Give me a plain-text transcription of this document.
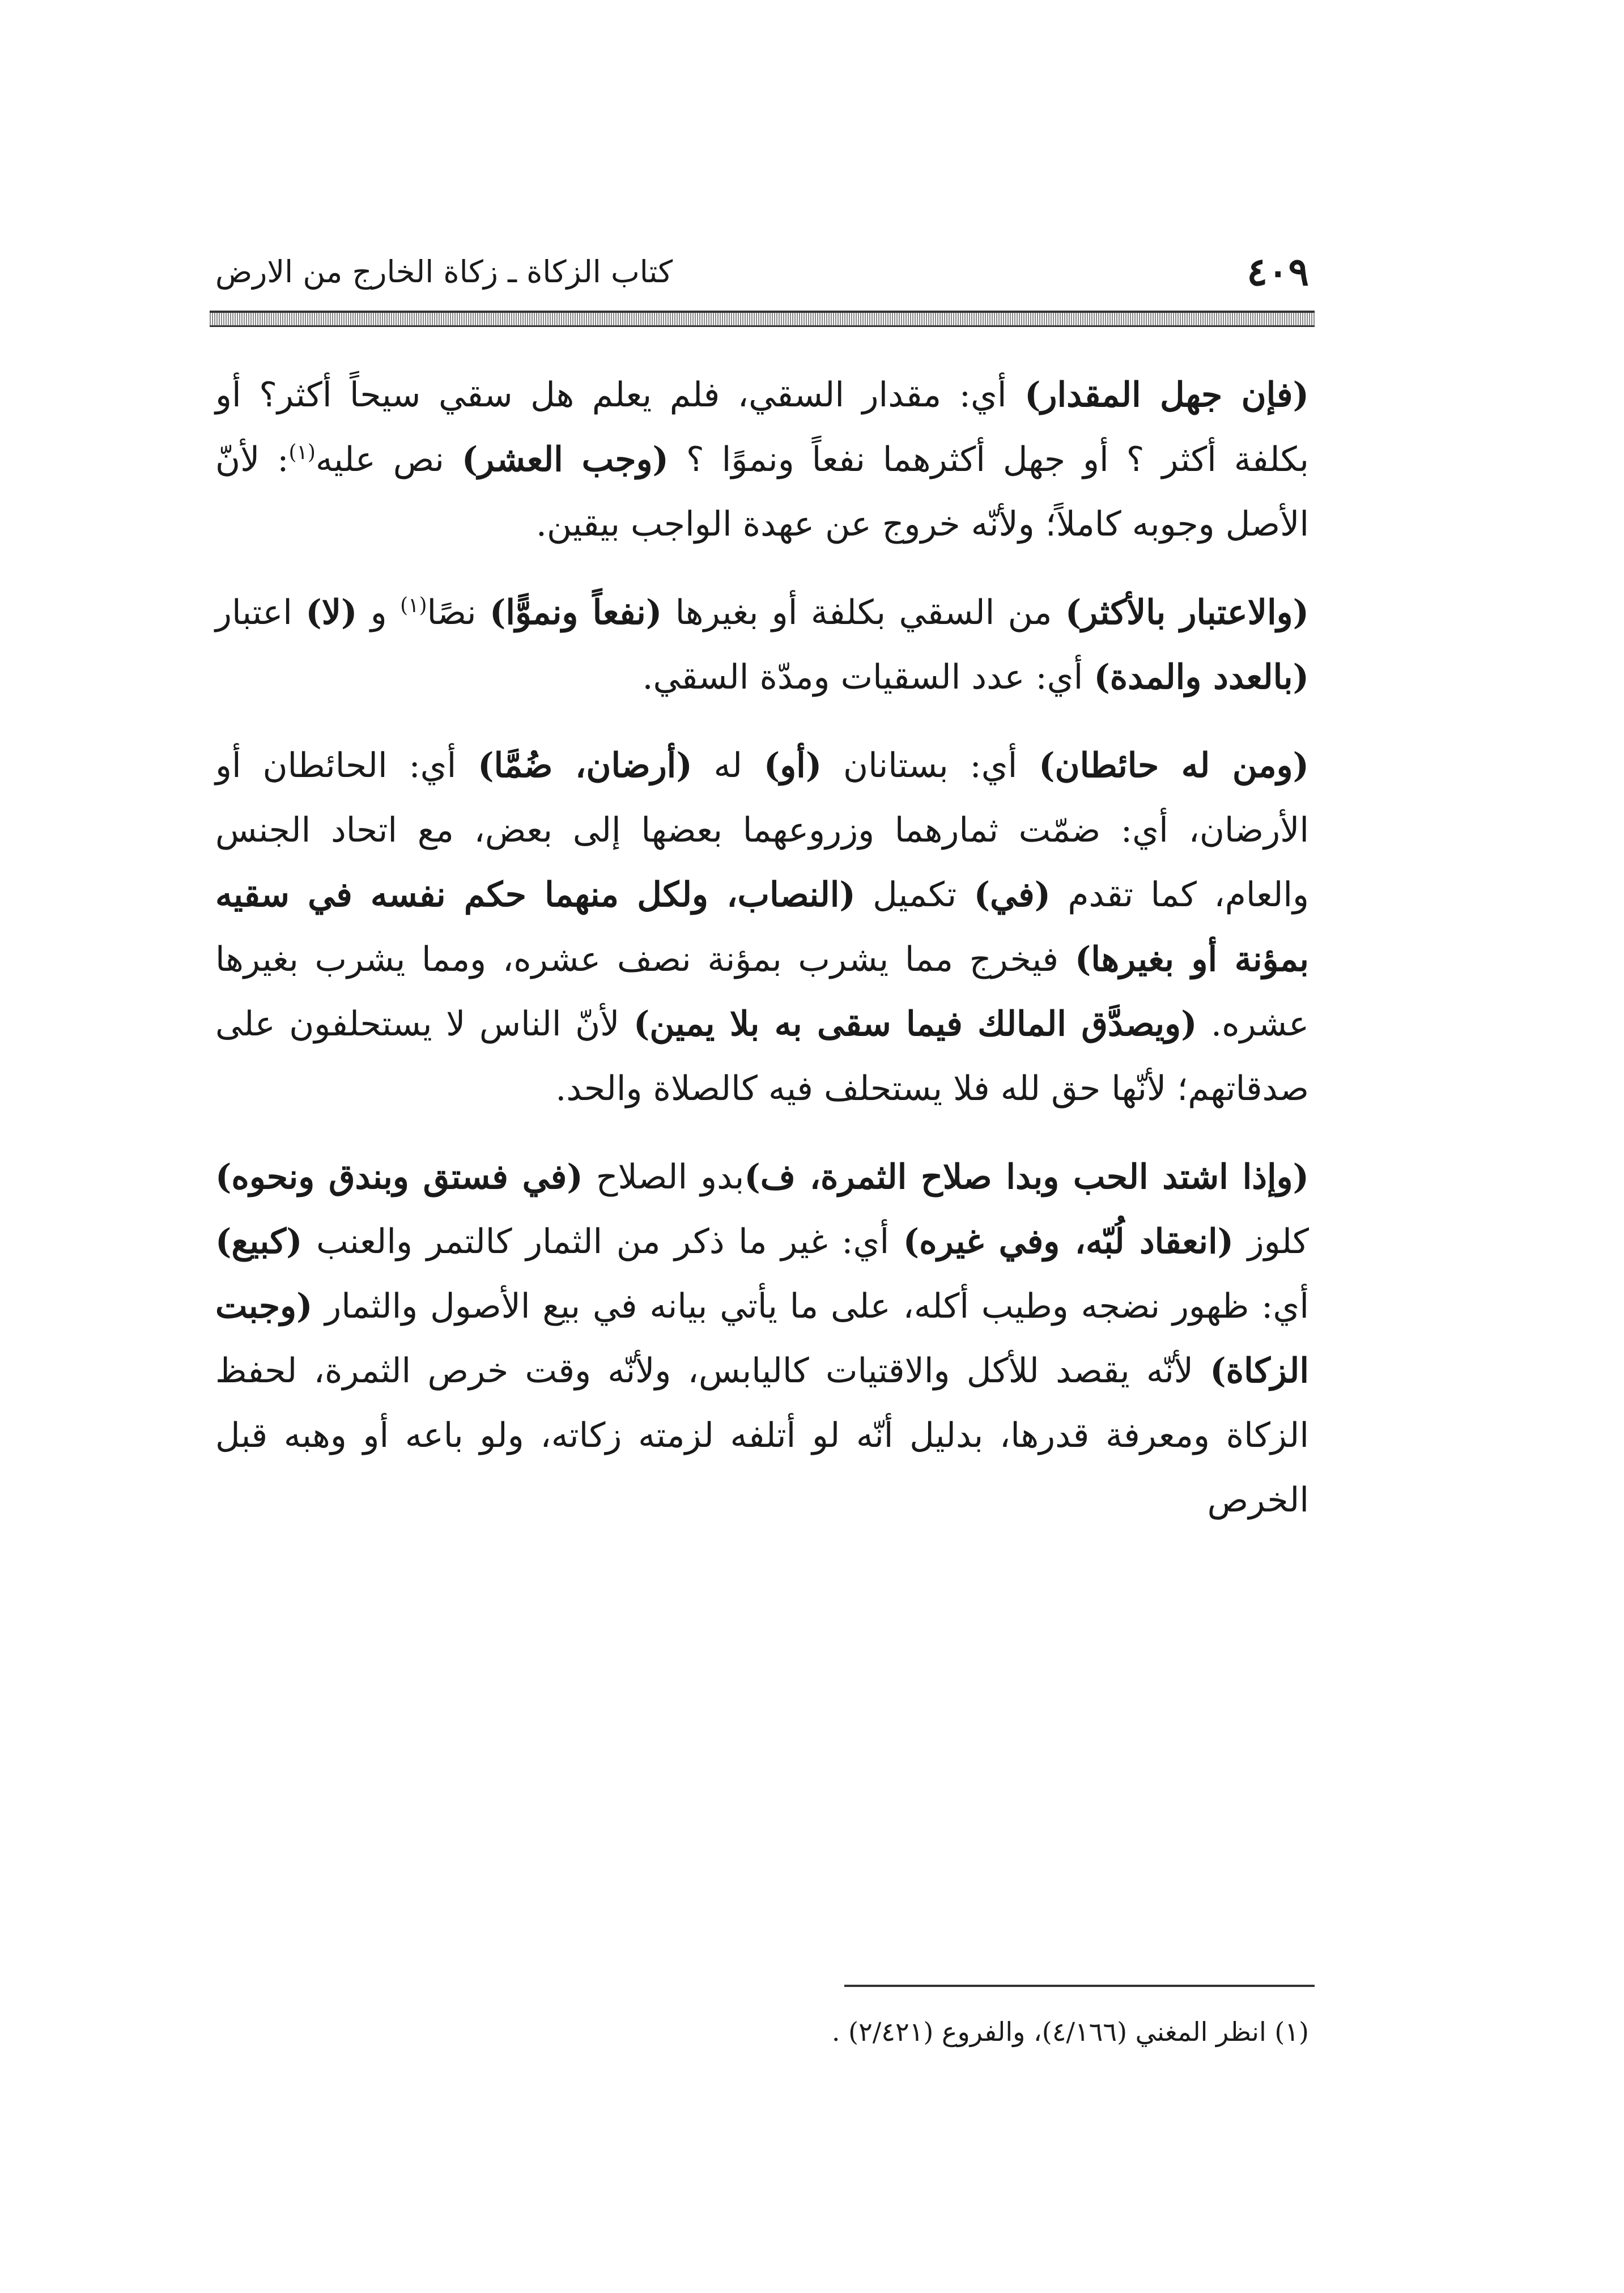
٤٠٩
كتاب الزكاة ـ زكاة الخارج من الارض

(فإن جهل المقدار) أي: مقدار السقي، فلم يعلم هل سقي سيحاً أكثر؟ أو بكلفة أكثر ؟ أو جهل أكثرهما نفعاً ونموًا ؟ (وجب العشر) نص عليه$^{(١)}$: لأنّ الأصل وجوبه كاملاً؛ ولأنّه خروج عن عهدة الواجب بيقين.

(والاعتبار بالأكثر) من السقي بكلفة أو بغيرها (نفعاً ونموًّا) نصًا$^{(١)}$ و (لا) اعتبار (بالعدد والمدة) أي: عدد السقيات ومدّة السقي.

(ومن له حائطان) أي: بستانان (أو) له (أرضان، ضُمَّا) أي: الحائطان أو الأرضان، أي: ضمّت ثمارهما وزروعهما بعضها إلى بعض، مع اتحاد الجنس والعام، كما تقدم (في) تكميل (النصاب، ولكل منهما حكم نفسه في سقيه بمؤنة أو بغيرها) فيخرج مما يشرب بمؤنة نصف عشره، ومما يشرب بغيرها عشره. (ويصدَّق المالك فيما سقى به بلا يمين) لأنّ الناس لا يستحلفون على صدقاتهم؛ لأنّها حق لله فلا يستحلف فيه كالصلاة والحد.

(وإذا اشتد الحب وبدا صلاح الثمرة، ف)بدو الصلاح (في فستق وبندق ونحوه) كلوز (انعقاد لُبّه، وفي غيره) أي: غير ما ذكر من الثمار كالتمر والعنب (كبيع) أي: ظهور نضجه وطيب أكله، على ما يأتي بيانه في بيع الأصول والثمار (وجبت الزكاة) لأنّه يقصد للأكل والاقتيات كاليابس، ولأنّه وقت خرص الثمرة، لحفظ الزكاة ومعرفة قدرها، بدليل أنّه لو أتلفه لزمته زكاته، ولو باعه أو وهبه قبل الخرص

(١) انظر المغني (٤/١٦٦)، والفروع (٢/٤٢١) .
